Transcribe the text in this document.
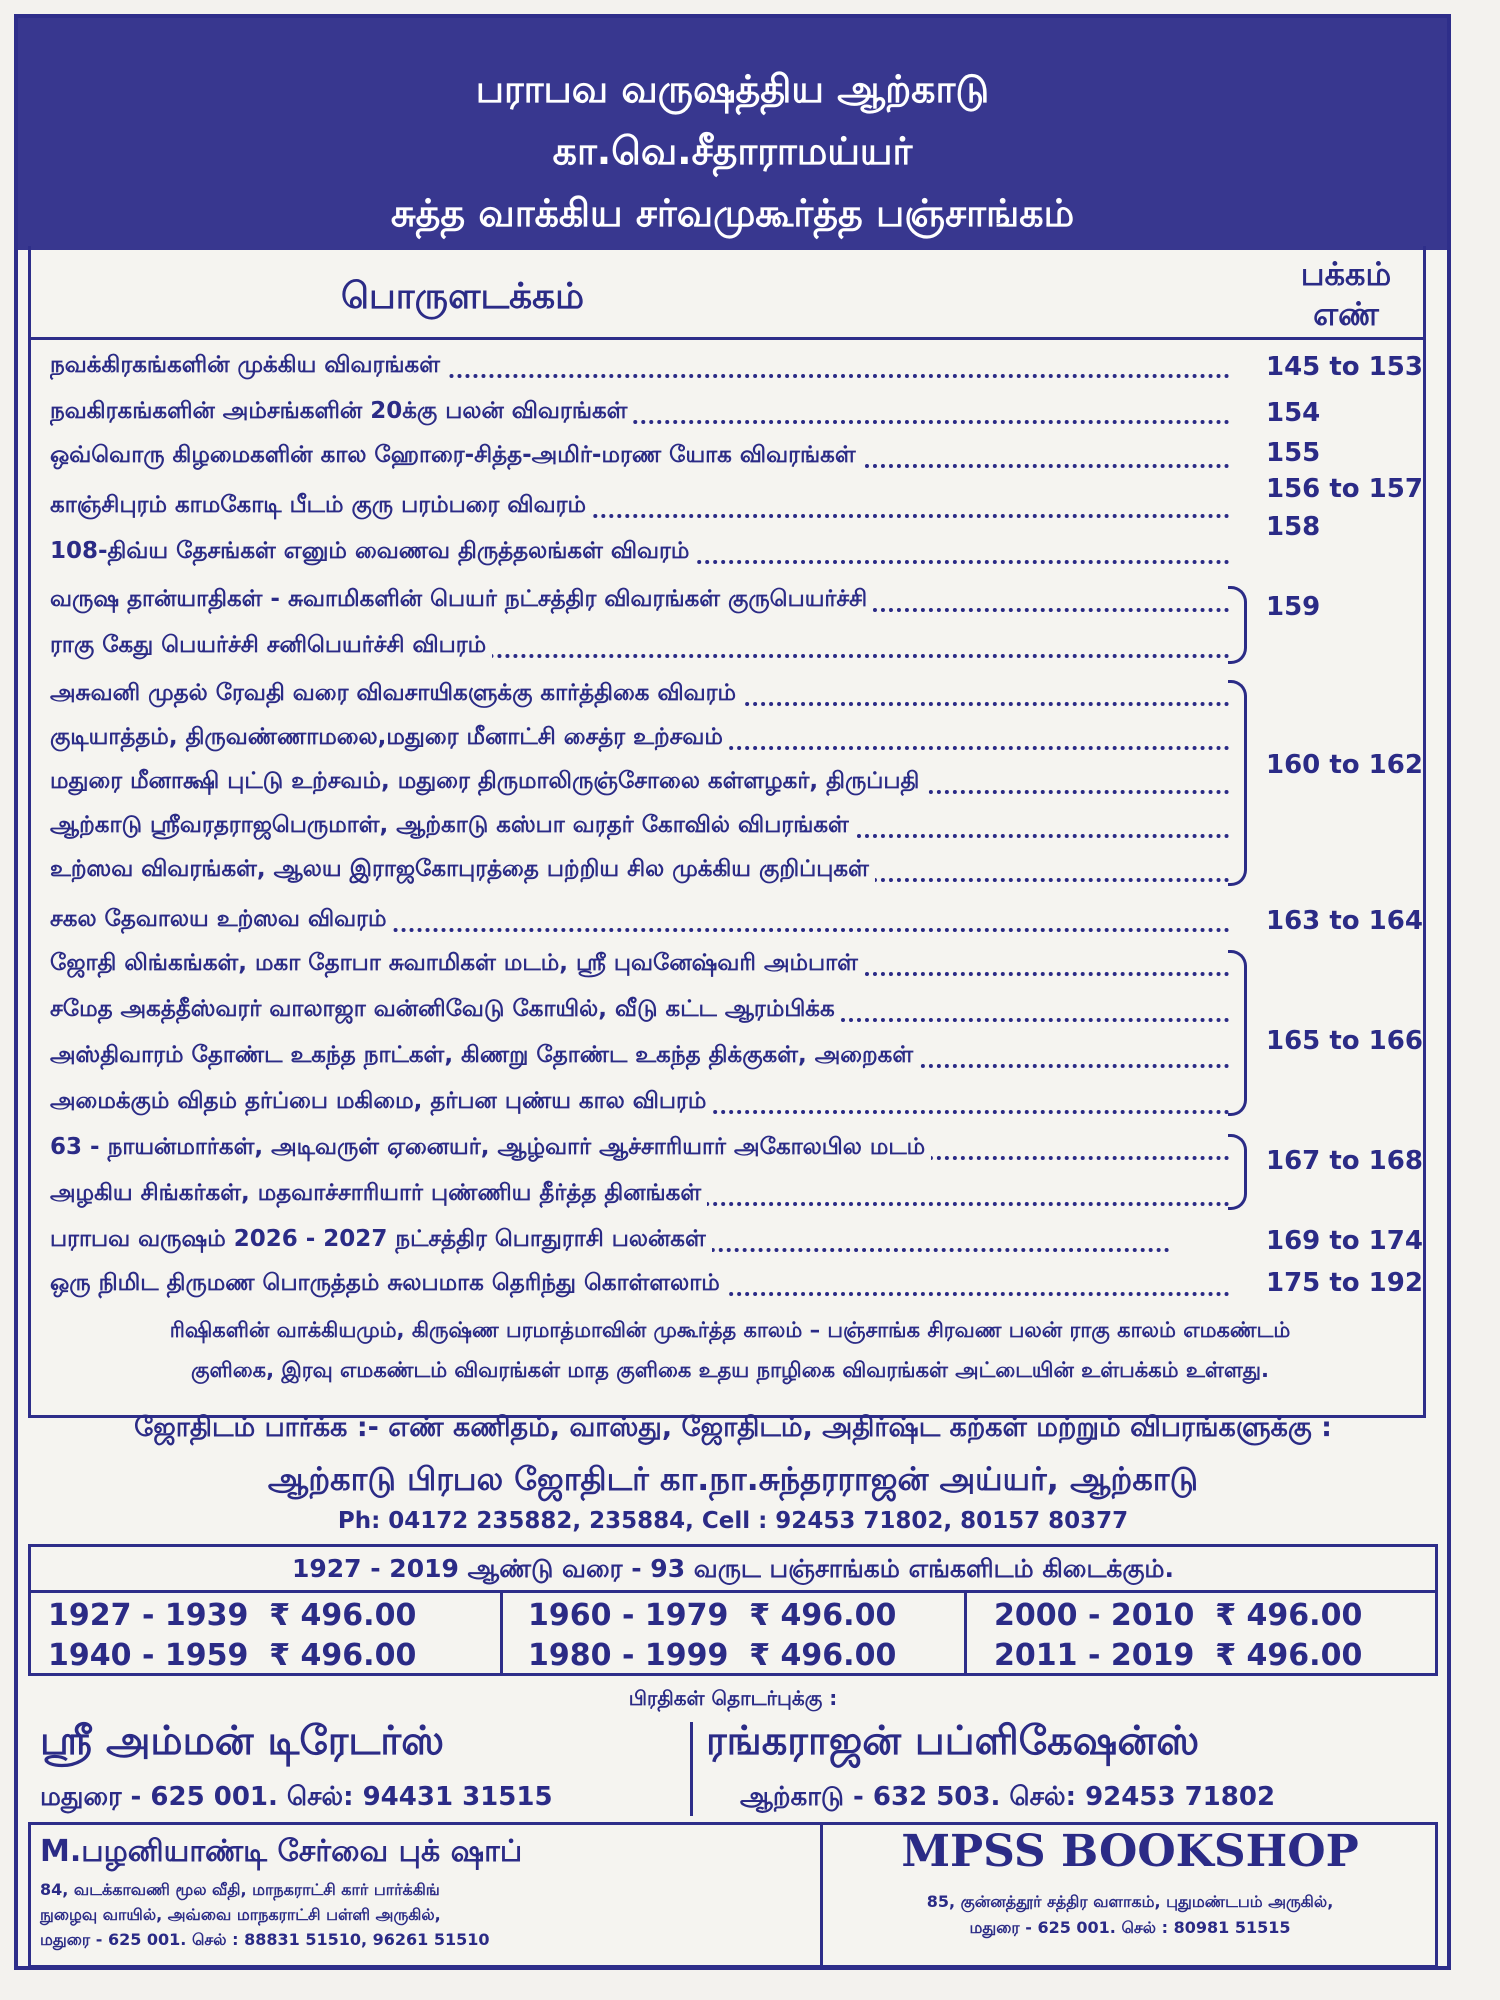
பராபவ வருஷத்திய ஆற்காடு
கா.வெ.சீதாராமய்யர்
சுத்த வாக்கிய சர்வமுகூர்த்த பஞ்சாங்கம்
பொருளடக்கம்
பக்கம்
எண்
நவக்கிரகங்களின் முக்கிய விவரங்கள்
நவகிரகங்களின் அம்சங்களின் 20க்கு பலன் விவரங்கள்
ஒவ்வொரு கிழமைகளின் கால ஹோரை-சித்த-அமிர்-மரண யோக விவரங்கள்
காஞ்சிபுரம் காமகோடி பீடம் குரு பரம்பரை விவரம்
108-திவ்ய தேசங்கள் எனும் வைணவ திருத்தலங்கள் விவரம்
வருஷ தான்யாதிகள் - சுவாமிகளின் பெயர் நட்சத்திர விவரங்கள் குருபெயர்ச்சி
ராகு கேது பெயர்ச்சி சனிபெயர்ச்சி விபரம்
அசுவனி முதல் ரேவதி வரை விவசாயிகளுக்கு கார்த்திகை விவரம்
குடியாத்தம், திருவண்ணாமலை,மதுரை மீனாட்சி சைத்ர உற்சவம்
மதுரை மீனாக்ஷி புட்டு உற்சவம், மதுரை திருமாலிருஞ்சோலை கள்ளழகர், திருப்பதி
ஆற்காடு ஸ்ரீவரதராஜபெருமாள், ஆற்காடு கஸ்பா வரதர் கோவில் விபரங்கள்
உற்ஸவ விவரங்கள், ஆலய இராஜகோபுரத்தை பற்றிய சில முக்கிய குறிப்புகள்
சகல தேவாலய உற்ஸவ விவரம்
ஜோதி லிங்கங்கள், மகா தோபா சுவாமிகள் மடம், ஸ்ரீ புவனேஷ்வரி அம்பாள்
சமேத அகத்தீஸ்வரர் வாலாஜா வன்னிவேடு கோயில், வீடு கட்ட ஆரம்பிக்க
அஸ்திவாரம் தோண்ட உகந்த நாட்கள், கிணறு தோண்ட உகந்த திக்குகள், அறைகள்
அமைக்கும் விதம் தர்ப்பை மகிமை, தர்பன புண்ய கால விபரம்
63 - நாயன்மார்கள், அடிவருள் ஏனையர், ஆழ்வார் ஆச்சாரியார் அகோலபில மடம்
அழகிய சிங்கர்கள், மதவாச்சாரியார் புண்ணிய தீர்த்த தினங்கள்
பராபவ வருஷம் 2026 - 2027 நட்சத்திர பொதுராசி பலன்கள்
ஒரு நிமிட திருமண பொருத்தம் சுலபமாக தெரிந்து கொள்ளலாம்
145 to 153
154
155
156 to 157
158
159
160 to 162
163 to 164
165 to 166
167 to 168
169 to 174
175 to 192
ரிஷிகளின் வாக்கியமும், கிருஷ்ண பரமாத்மாவின் முகூர்த்த காலம் – பஞ்சாங்க சிரவண பலன் ராகு காலம் எமகண்டம்
குளிகை, இரவு எமகண்டம் விவரங்கள் மாத குளிகை உதய நாழிகை விவரங்கள் அட்டையின் உள்பக்கம் உள்ளது.
ஜோதிடம் பார்க்க :- எண் கணிதம், வாஸ்து, ஜோதிடம், அதிர்ஷ்ட கற்கள் மற்றும் விபரங்களுக்கு :
ஆற்காடு பிரபல ஜோதிடர் கா.நா.சுந்தரராஜன் அய்யர், ஆற்காடு
Ph: 04172 235882, 235884, Cell : 92453 71802, 80157 80377
1927 - 2019 ஆண்டு வரை - 93 வருட பஞ்சாங்கம் எங்களிடம் கிடைக்கும்.
1927 - 1939 ₹ 496.00
1940 - 1959 ₹ 496.00
1960 - 1979 ₹ 496.00
1980 - 1999 ₹ 496.00
2000 - 2010 ₹ 496.00
2011 - 2019 ₹ 496.00
பிரதிகள் தொடர்புக்கு :
ஸ்ரீ அம்மன் டிரேடர்ஸ்
மதுரை - 625 001. செல்: 94431 31515
ரங்கராஜன் பப்ளிகேஷன்ஸ்
ஆற்காடு - 632 503. செல்: 92453 71802
M.பழனியாண்டி சேர்வை புக் ஷாப்
84, வடக்காவணி மூல வீதி, மாநகராட்சி கார் பார்க்கிங்
நுழைவு வாயில், அவ்வை மாநகராட்சி பள்ளி அருகில்,
மதுரை - 625 001. செல் : 88831 51510, 96261 51510
MPSS BOOKSHOP
85, குன்னத்தூர் சத்திர வளாகம், புதுமண்டபம் அருகில்,
மதுரை - 625 001. செல் : 80981 51515
